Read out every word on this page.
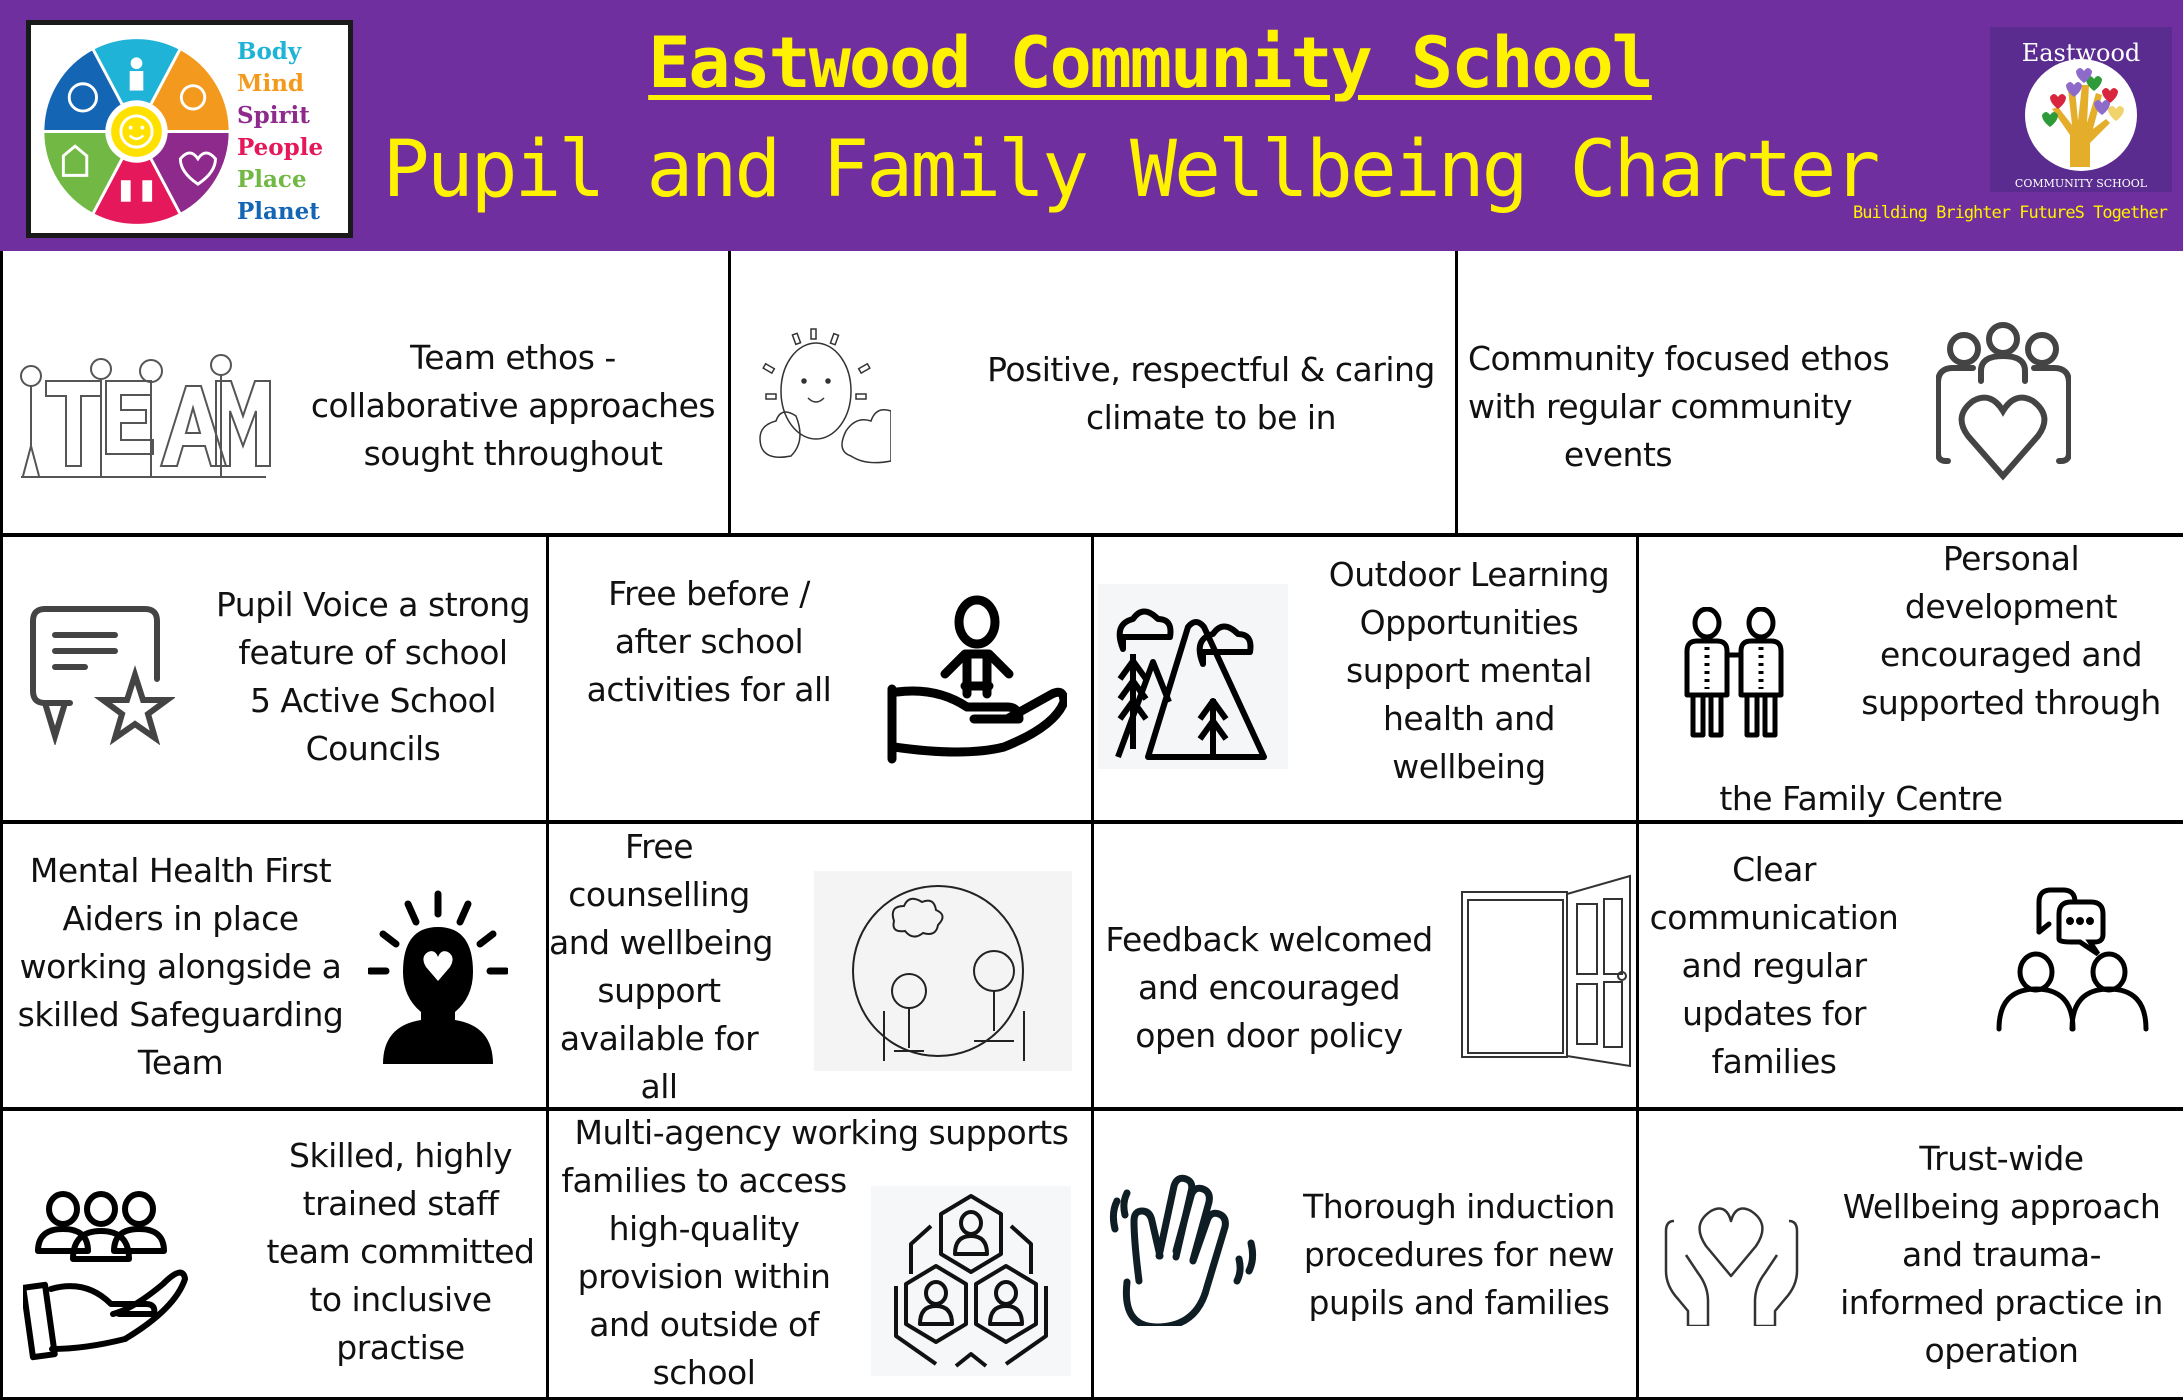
Body
Mind
Spirit
People
Place
Planet
Eastwood Community School
Pupil and Family Wellbeing Charter
Eastwood
COMMUNITY SCHOOL
Building Brighter FutureS Together
Team ethos -
collaborative approaches
sought throughout
Positive, respectful & caring
climate to be in
Community focused ethos
with regular community
events
Pupil Voice a strong
feature of school
5 Active School
Councils
Free before /
after school
activities for all
Outdoor Learning
Opportunities
support mental
health and
wellbeing
Personal
development
encouraged and
supported through
the Family Centre
Mental Health First
Aiders in place
working alongside a
skilled Safeguarding
Team
Free
counselling
and wellbeing
support
available for
all
Feedback welcomed
and encouraged
open door policy
Clear
communication
and regular
updates for
families
Skilled, highly
trained staff
team committed
to inclusive
practise
Multi-agency working supports
families to access
high-quality
provision within
and outside of
school
Thorough induction
procedures for new
pupils and families
Trust-wide
Wellbeing approach
and trauma-
informed practice in
operation
